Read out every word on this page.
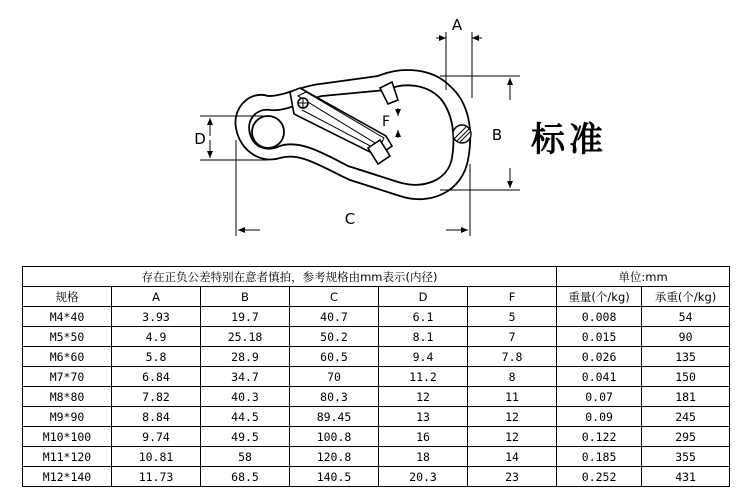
A
B
C
D
F	标准
存在正负公差特别在意者慎拍，参考规格由mm表示(内径)						单位:mm	
规格	A	B	C	D	F	重量(个/kg)	承重(个/kg)
M4*40	3.93	19.7	40.7	6.1	5	0.008	54
M5*50	4.9	25.18	50.2	8.1	7	0.015	90
M6*60	5.8	28.9	60.5	9.4	7.8	0.026	135
M7*70	6.84	34.7	70	11.2	8	0.041	150
M8*80	7.82	40.3	80.3	12	11	0.07	181
M9*90	8.84	44.5	89.45	13	12	0.09	245
M10*100	9.74	49.5	100.8	16	12	0.122	295
M11*120	10.81	58	120.8	18	14	0.185	355
M12*140	11.73	68.5	140.5	20.3	23	0.252	431
